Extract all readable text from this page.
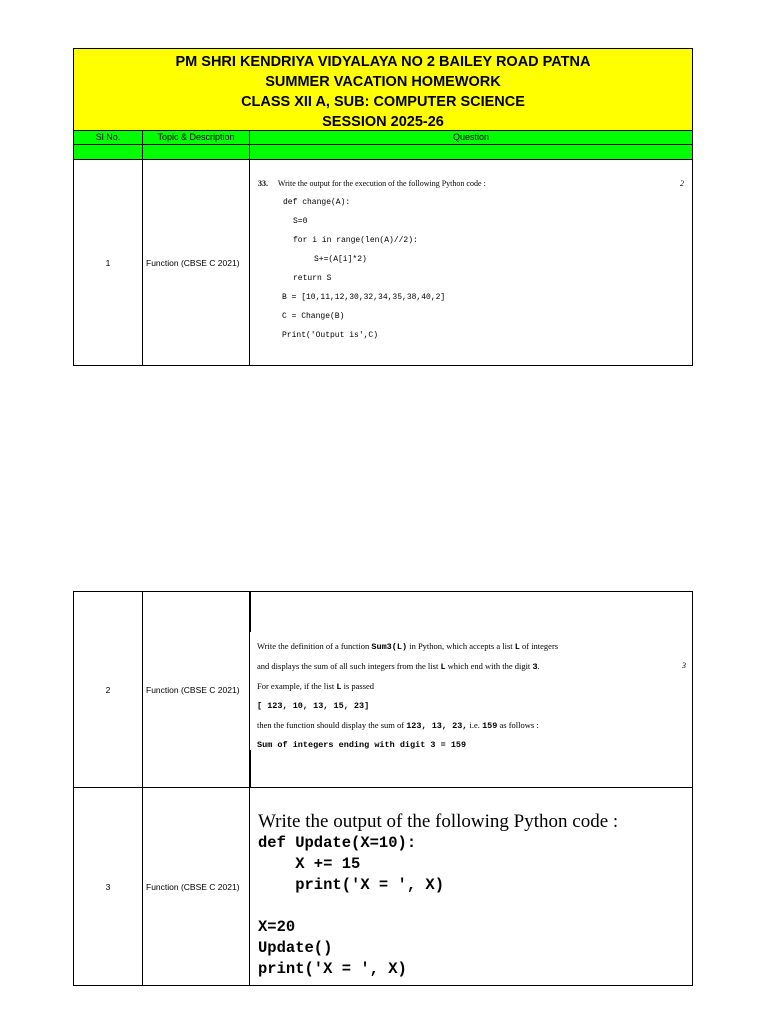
PM SHRI KENDRIYA VIDYALAYA NO 2 BAILEY ROAD PATNA
SUMMER VACATION HOMEWORK
CLASS XII A, SUB: COMPUTER SCIENCE
SESSION 2025-26
Sl No.	Topic & Description	Question
1	Function (CBSE C 2021)
33. Write the output for the execution of the following Python code :	2
def change(A):
S=0
for i in range(len(A)//2):
S+=(A[i]*2)
return S
B = [10,11,12,30,32,34,35,38,40,2]
C = Change(B)
Print('Output is',C)
2	Function (CBSE C 2021)
Write the definition of a function Sum3(L) in Python, which accepts a list L of integers
and displays the sum of all such integers from the list L which end with the digit 3.	3
For example, if the list L is passed
[ 123, 10, 13, 15, 23]
then the function should display the sum of 123, 13, 23, i.e. 159 as follows :
Sum of integers ending with digit 3 = 159
3	Function (CBSE C 2021)
Write the output of the following Python code :
def Update(X=10):
X += 15
print('X = ', X)

X=20
Update()
print('X = ', X)
